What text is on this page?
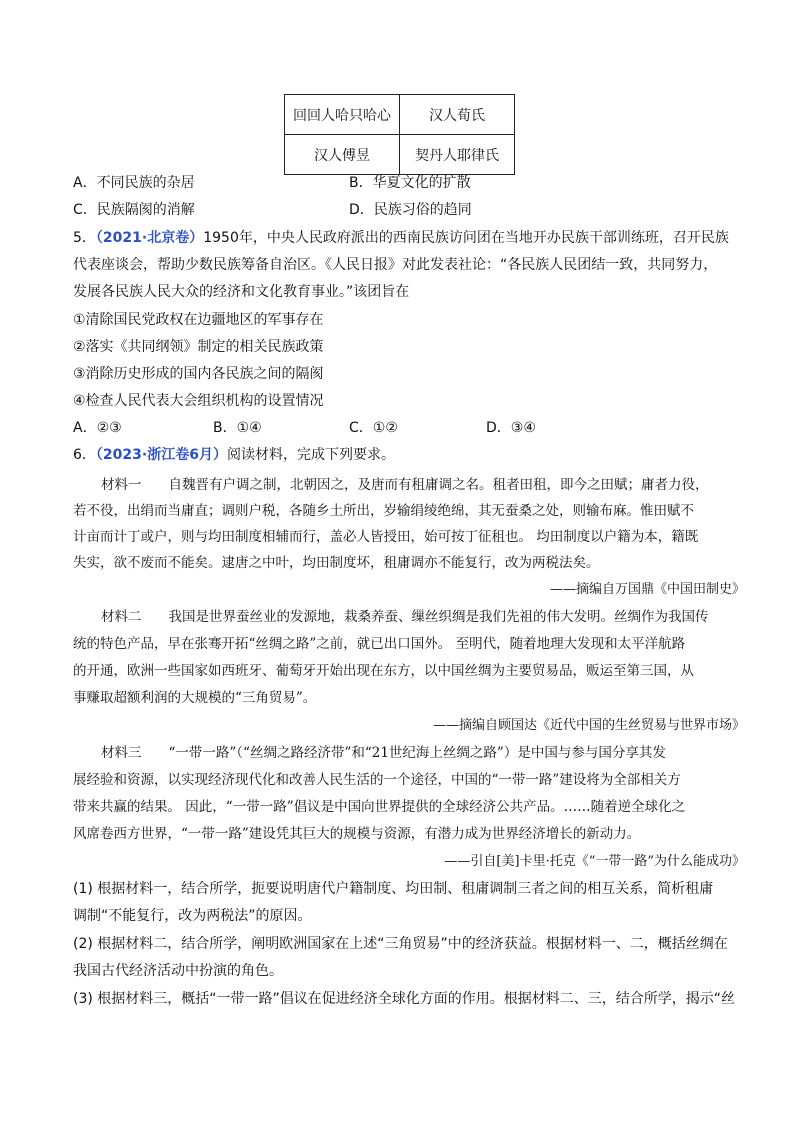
回回人哈只哈心	汉人荀氏
汉人傅昱	契丹人耶律氏
A．不同民族的杂居	B．华夏文化的扩散
C．民族隔阂的消解	D．民族习俗的趋同
5．（2021·北京卷）1950年，中央人民政府派出的西南民族访问团在当地开办民族干部训练班，召开民族
代表座谈会，帮助少数民族筹备自治区。《人民日报》对此发表社论：“各民族人民团结一致，共同努力，
发展各民族人民大众的经济和文化教育事业。”该团旨在
①清除国民党政权在边疆地区的军事存在
②落实《共同纲领》制定的相关民族政策
③消除历史形成的国内各民族之间的隔阂
④检查人民代表大会组织机构的设置情况
A．②③	B．①④	C．①②	D．③④
6．（2023·浙江卷6月）阅读材料，完成下列要求。
材料一　　自魏晋有户调之制，北朝因之，及唐而有租庸调之名。租者田租，即今之田赋；庸者力役，
若不役，出绢而当庸直；调则户税，各随乡土所出，岁输绢绫绝绵，其无蚕桑之处，则输布麻。惟田赋不
计亩而计丁或户，则与均田制度相辅而行，盖必人皆授田，始可按丁征租也。 均田制度以户籍为本，籍既
失实，欲不废而不能矣。逮唐之中叶，均田制度坏，租庸调亦不能复行，改为两税法矣。
——摘编自万国鼎《中国田制史》
材料二　　我国是世界蚕丝业的发源地，栽桑养蚕、缫丝织绸是我们先祖的伟大发明。丝绸作为我国传
统的特色产品，早在张骞开拓“丝绸之路”之前，就已出口国外。 至明代，随着地理大发现和太平洋航路
的开通，欧洲一些国家如西班牙、葡萄牙开始出现在东方，以中国丝绸为主要贸易品，贩运至第三国，从
事赚取超额利润的大规模的“三角贸易”。
——摘编自顾国达《近代中国的生丝贸易与世界市场》
材料三　　“一带一路”（“丝绸之路经济带”和“21世纪海上丝绸之路”）是中国与参与国分享其发
展经验和资源，以实现经济现代化和改善人民生活的一个途径，中国的“一带一路”建设将为全部相关方
带来共赢的结果。 因此，“一带一路”倡议是中国向世界提供的全球经济公共产品。……随着逆全球化之
风席卷西方世界，“一带一路”建设凭其巨大的规模与资源，有潜力成为世界经济增长的新动力。
——引自[美]卡里·托克《“一带一路”为什么能成功》
(1) 根据材料一，结合所学，扼要说明唐代户籍制度、均田制、租庸调制三者之间的相互关系，简析租庸
调制“不能复行，改为两税法”的原因。
(2) 根据材料二，结合所学，阐明欧洲国家在上述“三角贸易”中的经济获益。根据材料一、二，概括丝绸在
我国古代经济活动中扮演的角色。
(3) 根据材料三，概括“一带一路”倡议在促进经济全球化方面的作用。根据材料二、三，结合所学，揭示“丝
